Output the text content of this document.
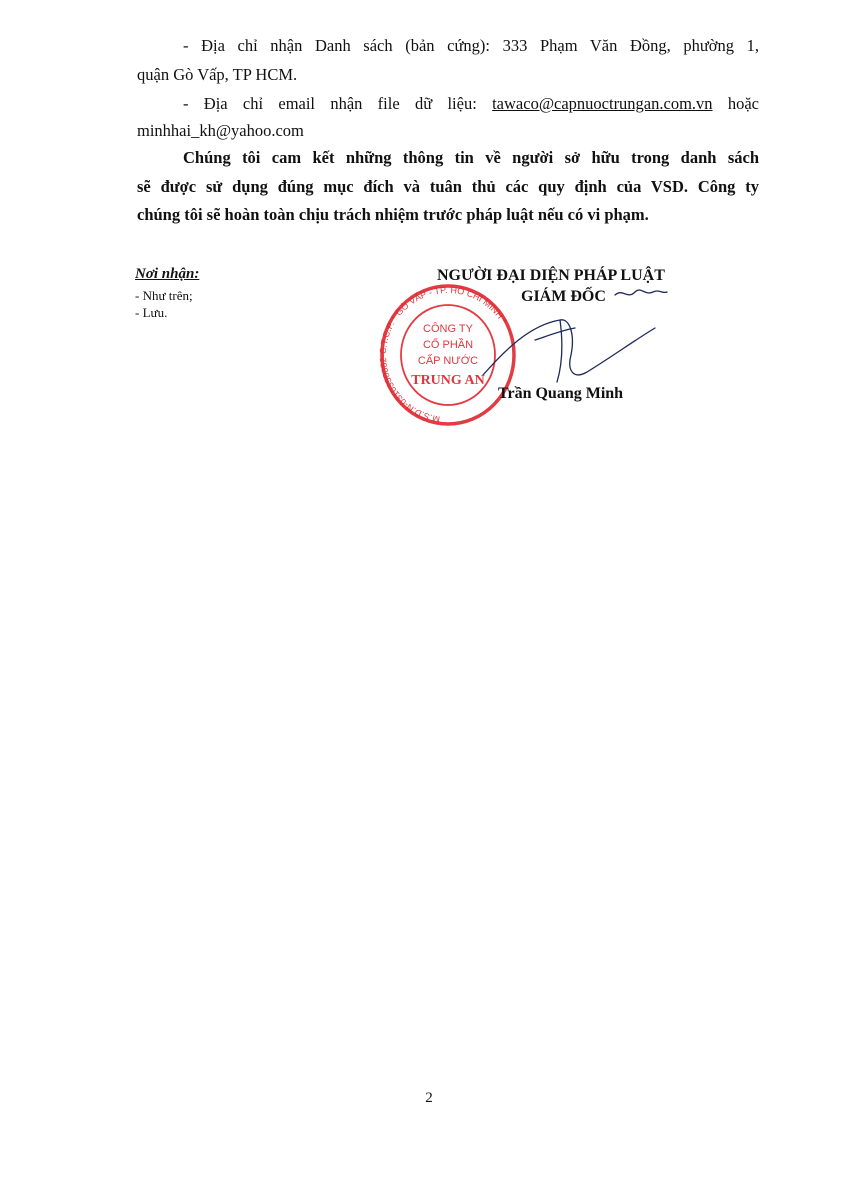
- Địa chỉ nhận Danh sách (bản cứng): 333 Phạm Văn Đồng, phường 1,
quận Gò Vấp, TP HCM.
- Địa chỉ email nhận file dữ liệu: tawaco@capnuoctrungan.com.vn hoặc
minhhai_kh@yahoo.com
Chúng tôi cam kết những thông tin về người sở hữu trong danh sách
sẽ được sử dụng đúng mục đích và tuân thủ các quy định của VSD. Công ty
chúng tôi sẽ hoàn toàn chịu trách nhiệm trước pháp luật nếu có vi phạm.
Nơi nhận:
- Như trên;
- Lưu.
NGƯỜI ĐẠI DIỆN PHÁP LUẬT
GIÁM ĐỐC
M.S.D.N-0310350082-C.T.C.P. * GÒ VẤP - TP. HỒ CHÍ MINH *
CÔNG TY
CỔ PHẦN
CẤP NƯỚC
TRUNG AN
Trần Quang Minh
2
